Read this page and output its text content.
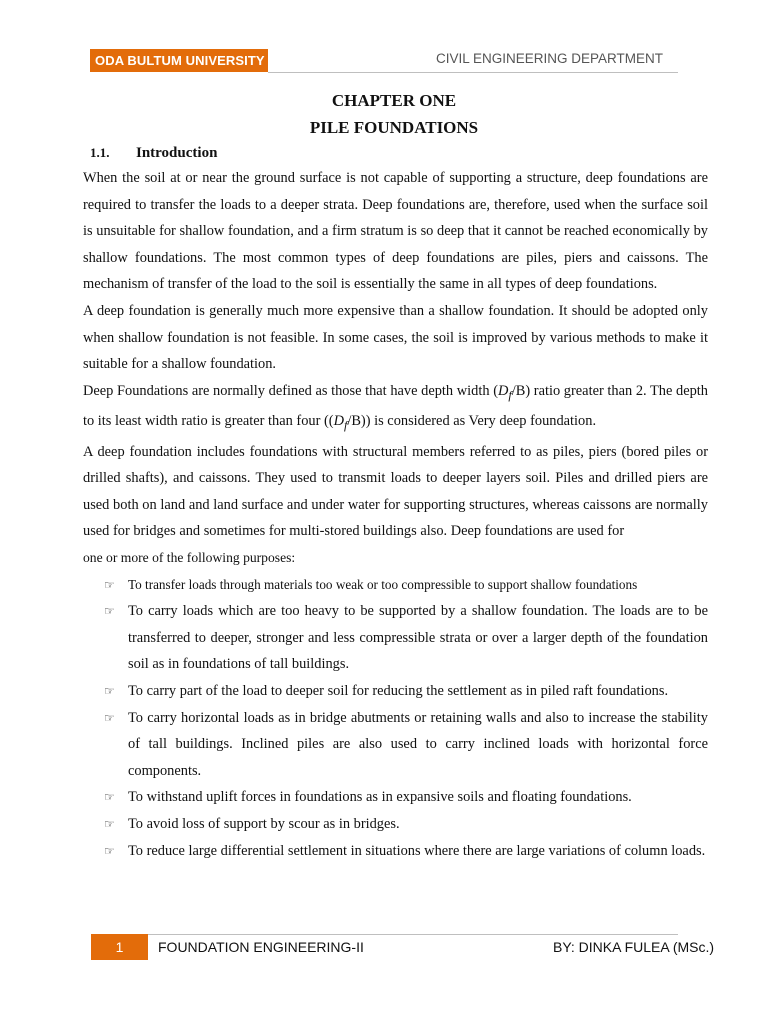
ODA BULTUM UNIVERSITY	CIVIL ENGINEERING DEPARTMENT
CHAPTER ONE
PILE FOUNDATIONS
1.1. Introduction

When the soil at or near the ground surface is not capable of supporting a structure, deep foundations are required to transfer the loads to a deeper strata. Deep foundations are, therefore, used when the surface soil is unsuitable for shallow foundation, and a firm stratum is so deep that it cannot be reached economically by shallow foundations. The most common types of deep foundations are piles, piers and caissons. The mechanism of transfer of the load to the soil is essentially the same in all types of deep foundations.

A deep foundation is generally much more expensive than a shallow foundation. It should be adopted only when shallow foundation is not feasible. In some cases, the soil is improved by various methods to make it suitable for a shallow foundation.

Deep Foundations are normally defined as those that have depth width $(D_f/B)$ ratio greater than 2. The depth to its least width ratio is greater than four $((D_f/B))$ is considered as Very deep foundation.

A deep foundation includes foundations with structural members referred to as piles, piers (bored piles or drilled shafts), and caissons. They used to transmit loads to deeper layers soil. Piles and drilled piers are used both on land and land surface and under water for supporting structures, whereas caissons are normally used for bridges and sometimes for multi-stored buildings also. Deep foundations are used for

one or more of the following purposes:

☞ To transfer loads through materials too weak or too compressible to support shallow foundations
☞ To carry loads which are too heavy to be supported by a shallow foundation. The loads are to be transferred to deeper, stronger and less compressible strata or over a larger depth of the foundation soil as in foundations of tall buildings.
☞ To carry part of the load to deeper soil for reducing the settlement as in piled raft foundations.
☞ To carry horizontal loads as in bridge abutments or retaining walls and also to increase the stability of tall buildings. Inclined piles are also used to carry inclined loads with horizontal force components.
☞ To withstand uplift forces in foundations as in expansive soils and floating foundations.
☞ To avoid loss of support by scour as in bridges.
☞ To reduce large differential settlement in situations where there are large variations of column loads.
1	FOUNDATION ENGINEERING-II	BY: DINKA FULEA (MSc.)
